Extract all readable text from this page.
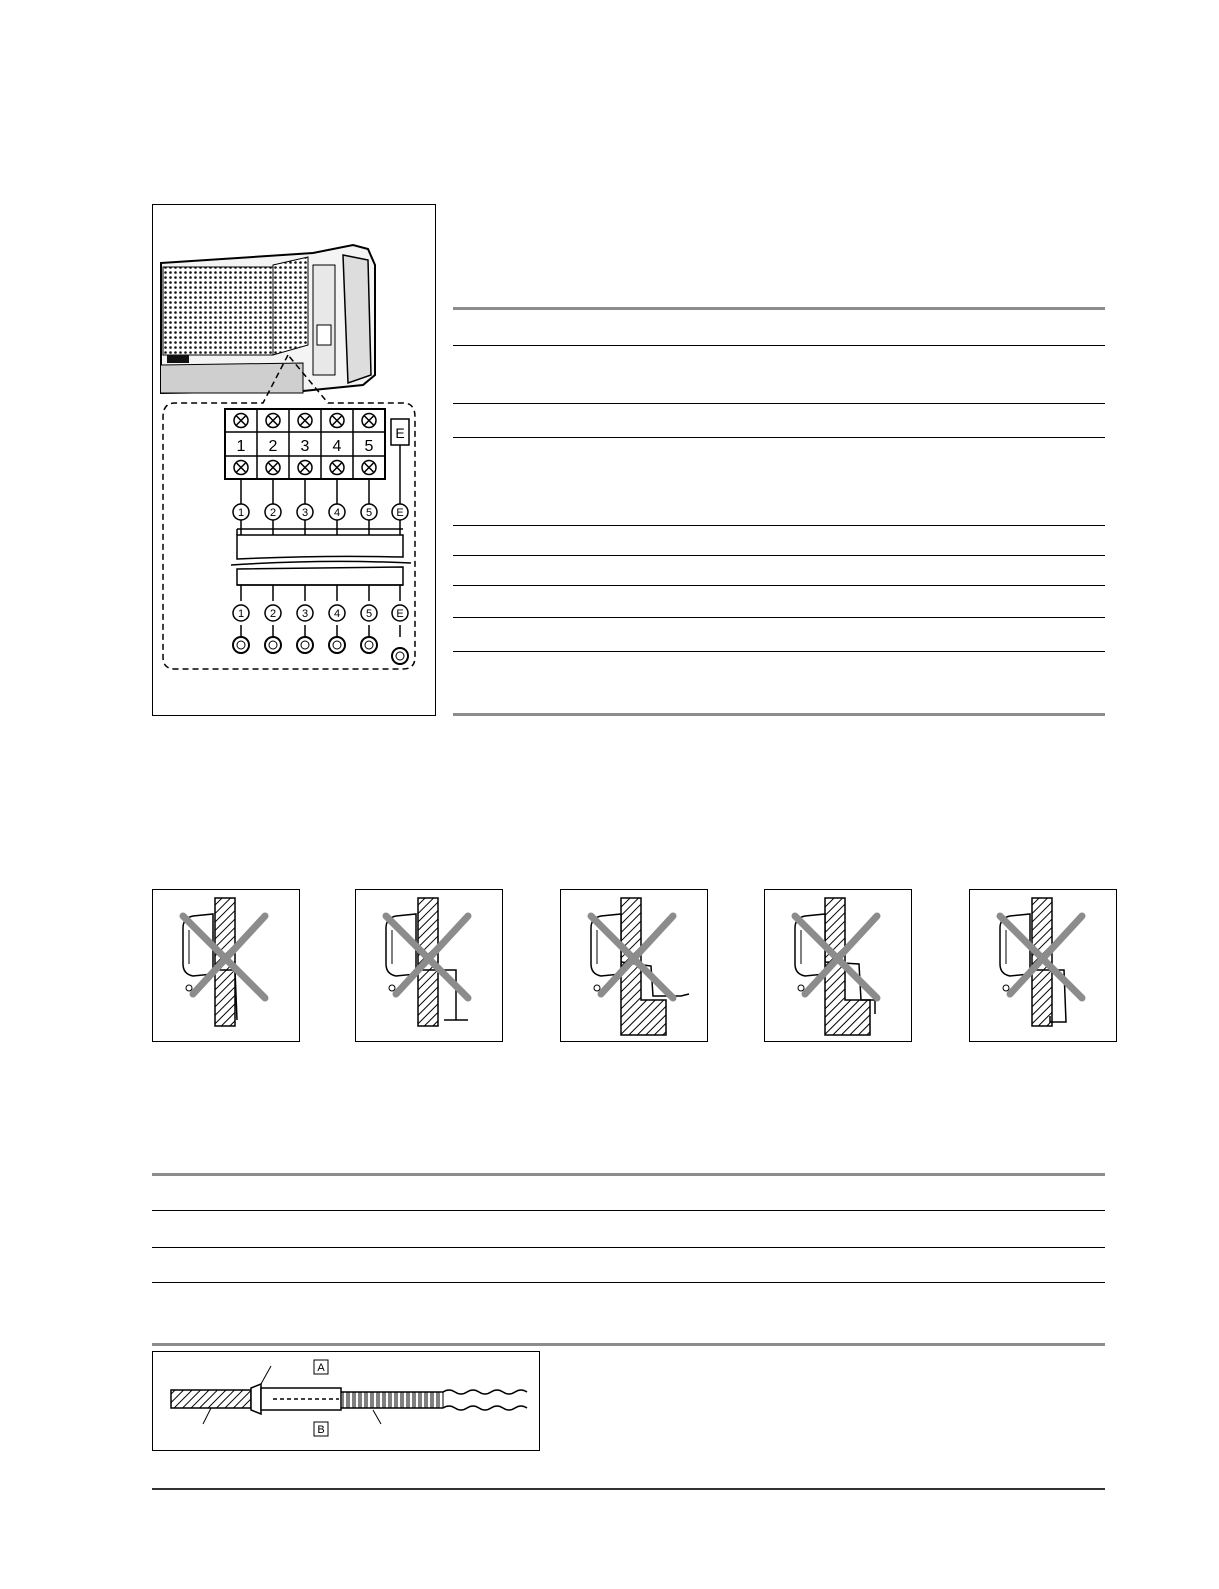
1 2 3 4 5
E
1
1
2
2
3
3
4
4
5
5
E
E
A
B
